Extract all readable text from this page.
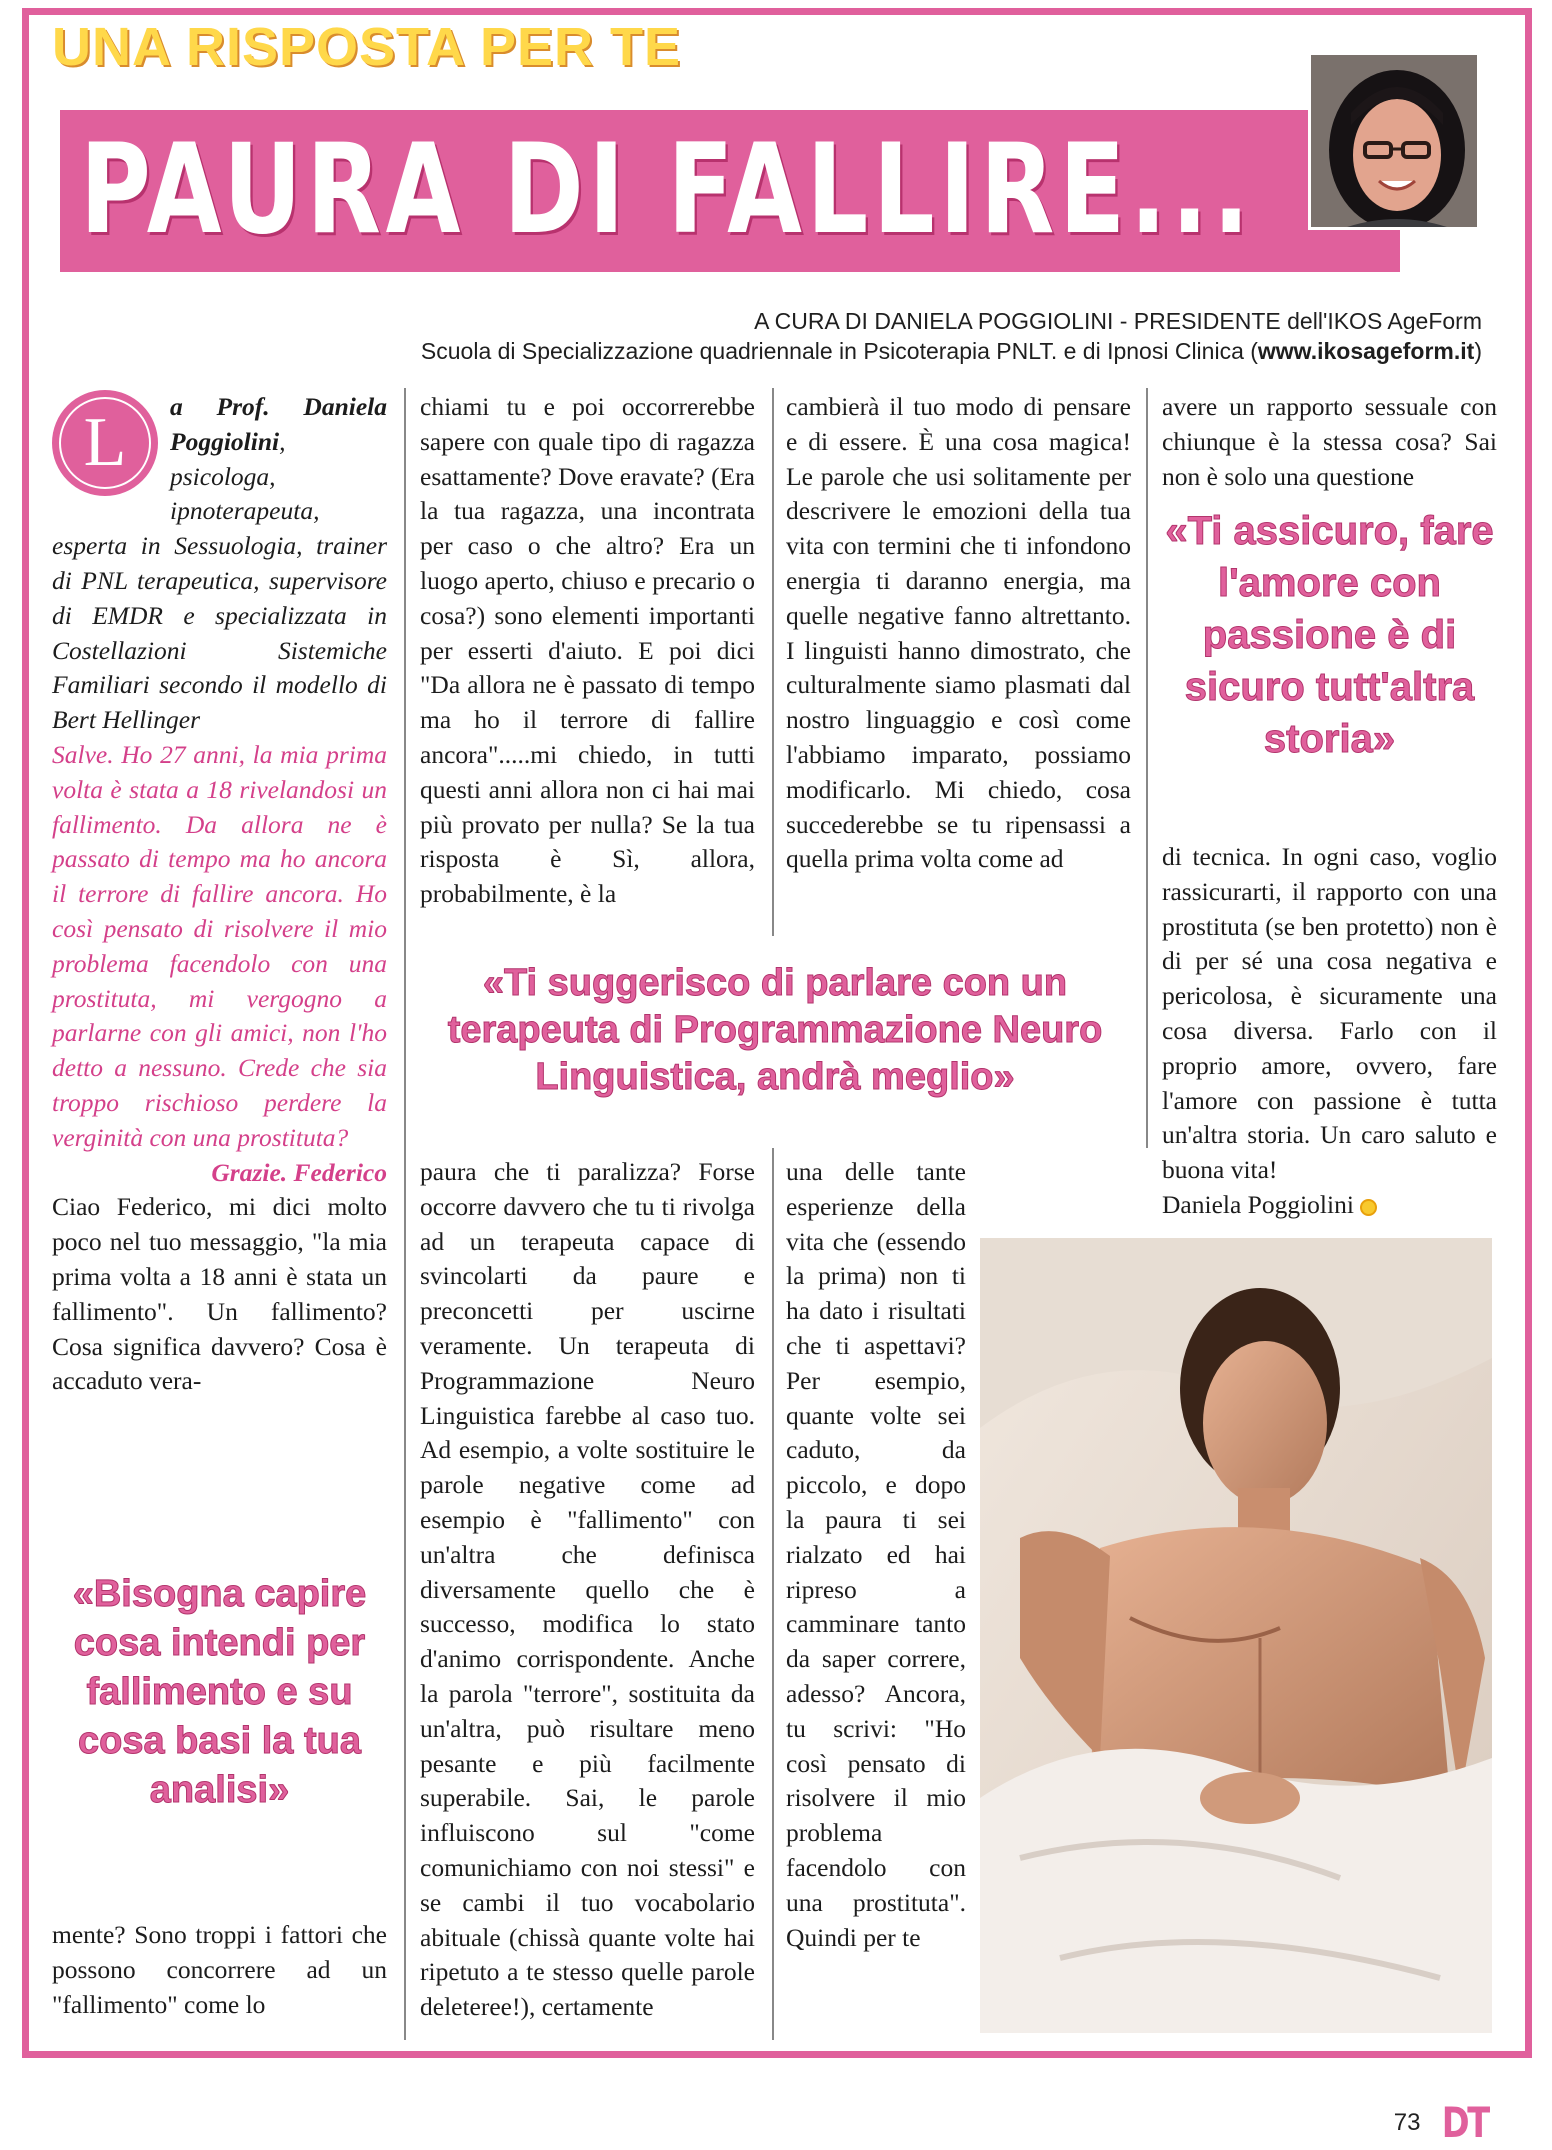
UNA RISPOSTA PER TE	redazione@editoripercaso.it
PAURA DI FALLIRE...
A CURA DI DANIELA POGGIOLINI - PRESIDENTE dell'IKOS AgeForm
Scuola di Specializzazione quadriennale in Psicoterapia PNLT. e di Ipnosi Clinica (www.ikosageform.it)
L	a Prof. Daniela Poggiolini, psicologa, ipnoterapeuta, esperta in Sessuologia, trainer di PNL terapeutica, supervisore di EMDR e specializzata in Costellazioni Sistemiche Familiari secondo il modello di Bert Hellinger

Salve. Ho 27 anni, la mia prima volta è stata a 18 rivelandosi un fallimento. Da allora ne è passato di tempo ma ho ancora il terrore di fallire ancora. Ho così pensato di risolvere il mio problema facendolo con una prostituta, mi vergogno a parlarne con gli amici, non l'ho detto a nessuno. Crede che sia troppo rischioso perdere la verginità con una prostituta?

Grazie. Federico

Ciao Federico, mi dici molto poco nel tuo messaggio, "la mia prima volta a 18 anni è stata un fallimento". Un fallimento? Cosa significa davvero? Cosa è accaduto vera-

«Bisogna capire cosa intendi per fallimento e su cosa basi la tua analisi»

mente? Sono troppi i fattori che possono concorrere ad un "fallimento" come lo

chiami tu e poi occorrerebbe sapere con quale tipo di ragazza esattamente? Dove eravate? (Era la tua ragazza, una incontrata per caso o che altro? Era un luogo aperto, chiuso e precario o cosa?) sono elementi importanti per esserti d'aiuto. E poi dici "Da allora ne è passato di tempo ma ho il terrore di fallire ancora".....mi chiedo, in tutti questi anni allora non ci hai mai più provato per nulla? Se la tua risposta è Sì, allora, probabilmente, è la

«Ti suggerisco di parlare con un terapeuta di Programmazione Neuro Linguistica, andrà meglio»

paura che ti paralizza? Forse occorre davvero che tu ti rivolga ad un terapeuta capace di svincolarti da paure e preconcetti per uscirne veramente. Un terapeuta di Programmazione Neuro Linguistica farebbe al caso tuo. Ad esempio, a volte sostituire le parole negative come ad esempio è "fallimento" con un'altra che definisca diversamente quello che è successo, modifica lo stato d'animo corrispondente. Anche la parola "terrore", sostituita da un'altra, può risultare meno pesante e più facilmente superabile. Sai, le parole influiscono sul "come comunichiamo con noi stessi" e se cambi il tuo vocabolario abituale (chissà quante volte hai ripetuto a te stesso quelle parole deleteree!), certamente

cambierà il tuo modo di pensare e di essere. È una cosa magica! Le parole che usi solitamente per descrivere le emozioni della tua vita con termini che ti infondono energia ti daranno energia, ma quelle negative fanno altrettanto. I linguisti hanno dimostrato, che culturalmente siamo plasmati dal nostro linguaggio e così come l'abbiamo imparato, possiamo modificarlo. Mi chiedo, cosa succederebbe se tu ripensassi a quella prima volta come ad

una delle tante esperienze della vita che (essendo la prima) non ti ha dato i risultati che ti aspettavi? Per esempio, quante volte sei caduto, da piccolo, e dopo la paura ti sei rialzato ed hai ripreso a camminare tanto da saper correre, adesso? Ancora, tu scrivi: "Ho così pensato di risolvere il mio problema facendolo con una prostituta". Quindi per te

avere un rapporto sessuale con chiunque è la stessa cosa? Sai non è solo una questione

«Ti assicuro, fare l'amore con passione è di sicuro tutt'altra storia»

di tecnica. In ogni caso, voglio rassicurarti, il rapporto con una prostituta (se ben protetto) non è di per sé una cosa negativa e pericolosa, è sicuramente una cosa diversa. Farlo con il proprio amore, ovvero, fare l'amore con passione è tutta un'altra storia. Un caro saluto e buona vita!

Daniela Poggiolini

73 DT
